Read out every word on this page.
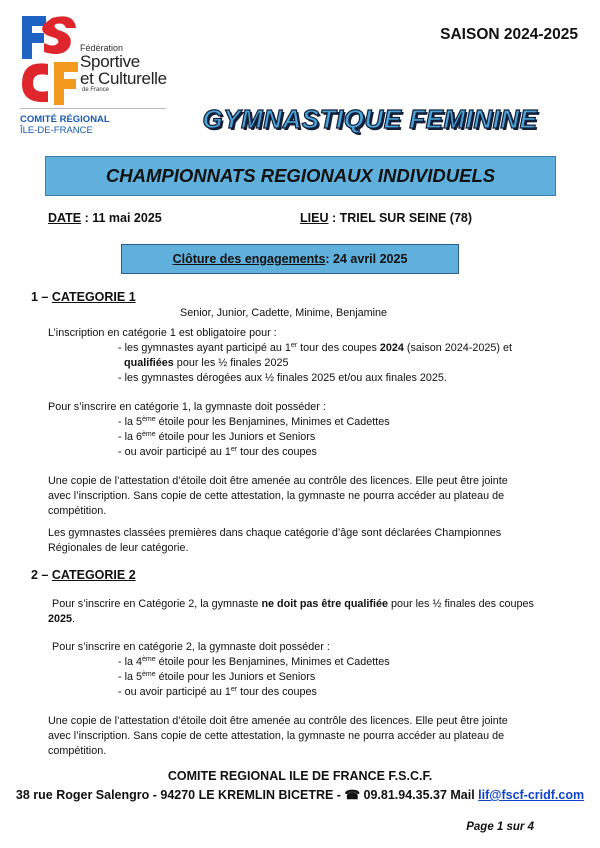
Fédération
Sportive
et Culturelle
de France
COMITÉ RÉGIONAL
ÎLE-DE-FRANCE
SAISON 2024-2025
GYMNASTIQUE FEMININE
CHAMPIONNATS REGIONAUX INDIVIDUELS
DATE : 11 mai 2025	LIEU : TRIEL SUR SEINE (78)
Clôture des engagements : 24 avril 2025
1 – CATEGORIE 1
Senior, Junior, Cadette, Minime, Benjamine
L’inscription en catégorie 1 est obligatoire pour :
- les gymnastes ayant participé au 1er tour des coupes 2024 (saison 2024-2025) et
qualifiées pour les ½ finales 2025
- les gymnastes dérogées aux ½ finales 2025 et/ou aux finales 2025.
Pour s’inscrire en catégorie 1, la gymnaste doit posséder :
- la 5ème étoile pour les Benjamines, Minimes et Cadettes
- la 6ème étoile pour les Juniors et Seniors
- ou avoir participé au 1er tour des coupes
Une copie de l’attestation d’étoile doit être amenée au contrôle des licences. Elle peut être jointe
avec l’inscription. Sans copie de cette attestation, la gymnaste ne pourra accéder au plateau de
compétition.
Les gymnastes classées premières dans chaque catégorie d’âge sont déclarées Championnes
Régionales de leur catégorie.
2 – CATEGORIE 2
Pour s’inscrire en Catégorie 2, la gymnaste ne doit pas être qualifiée pour les ½ finales des coupes
2025.
Pour s’inscrire en catégorie 2, la gymnaste doit posséder :
- la 4ème étoile pour les Benjamines, Minimes et Cadettes
- la 5ème étoile pour les Juniors et Seniors
- ou avoir participé au 1er tour des coupes
Une copie de l’attestation d’étoile doit être amenée au contrôle des licences. Elle peut être jointe
avec l’inscription. Sans copie de cette attestation, la gymnaste ne pourra accéder au plateau de
compétition.
COMITE REGIONAL ILE DE FRANCE F.S.C.F.
38 rue Roger Salengro - 94270 LE KREMLIN BICETRE - ☎ 09.81.94.35.37 Mail lif@fscf-cridf.com
Page 1 sur 4
